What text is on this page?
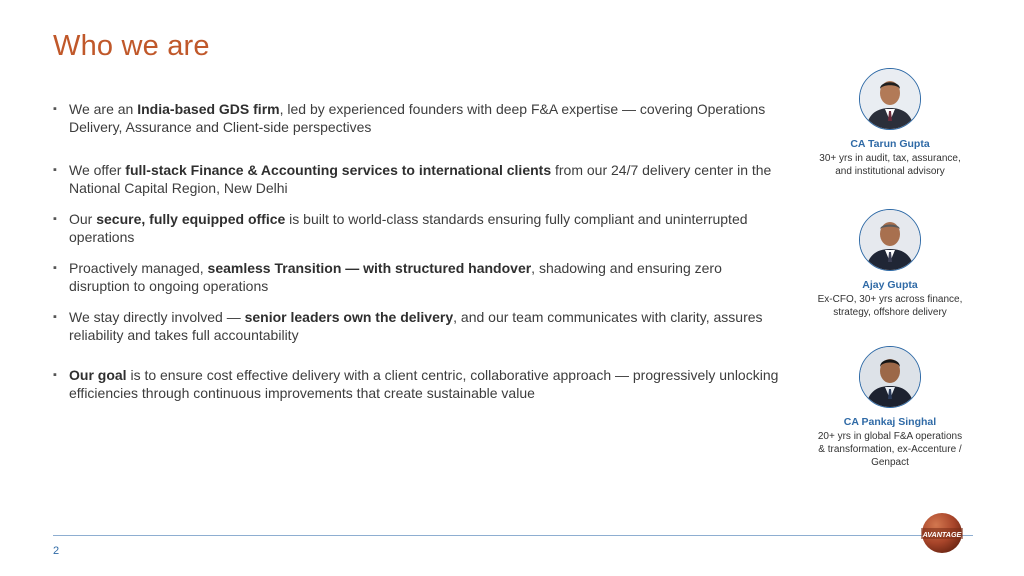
Who we are
▪ We are an India-based GDS firm, led by experienced founders with deep F&A expertise — covering Operations Delivery, Assurance and Client-side perspectives
▪ We offer full-stack Finance & Accounting services to international clients from our 24/7 delivery center in the National Capital Region, New Delhi
▪ Our secure, fully equipped office is built to world-class standards ensuring fully compliant and uninterrupted operations
▪ Proactively managed, seamless Transition — with structured handover, shadowing and ensuring zero disruption to ongoing operations
▪ We stay directly involved — senior leaders own the delivery, and our team communicates with clarity, assures reliability and takes full accountability
▪ Our goal is to ensure cost effective delivery with a client centric, collaborative approach — progressively unlocking efficiencies through continuous improvements that create sustainable value
CA Tarun Gupta
30+ yrs in audit, tax, assurance,
and institutional advisory
Ajay Gupta
Ex-CFO, 30+ yrs across finance,
strategy, offshore delivery
CA Pankaj Singhal
20+ yrs in global F&A operations
& transformation, ex-Accenture /
Genpact
2
AVANTAGE
